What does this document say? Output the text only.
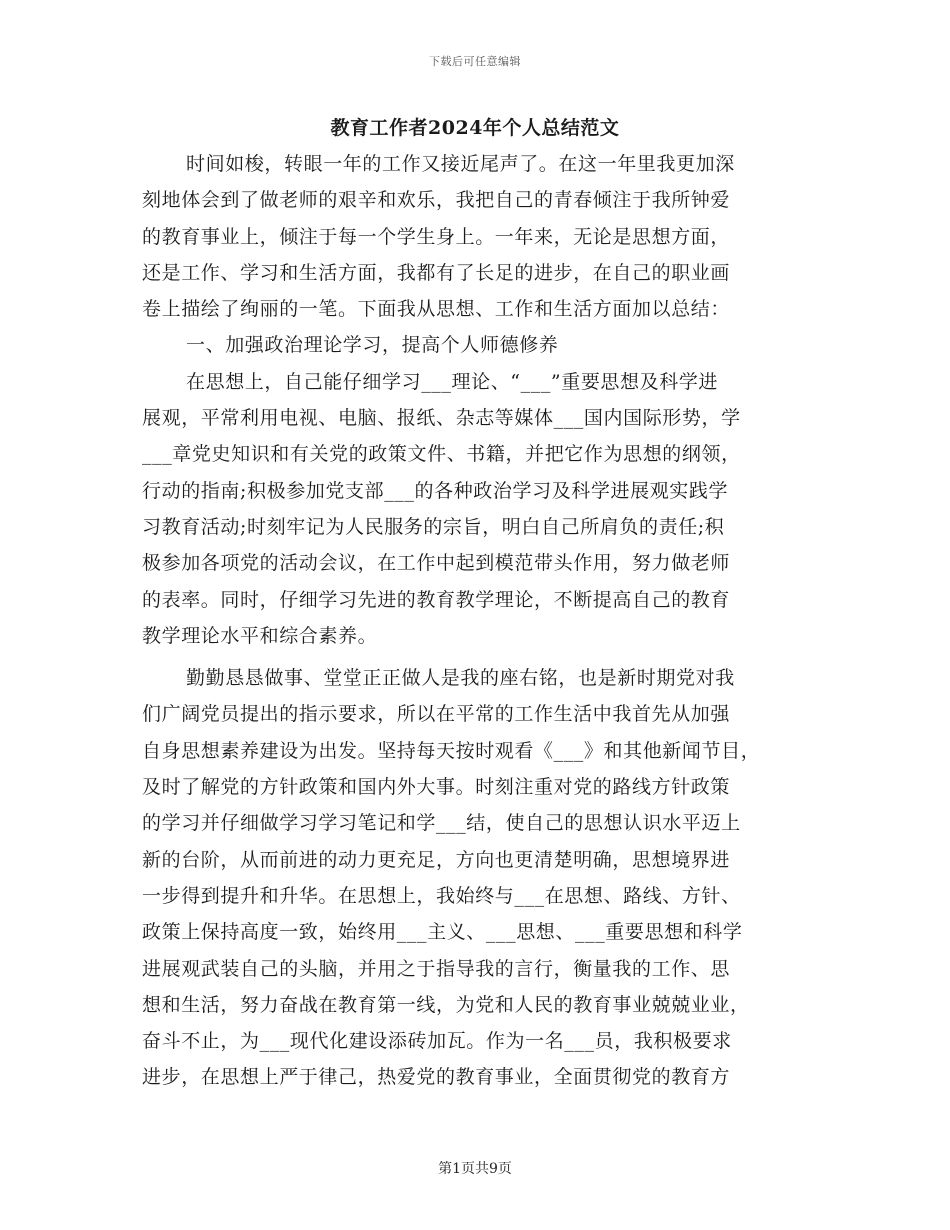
下载后可任意编辑
教育工作者2024年个人总结范文
时间如梭，转眼一年的工作又接近尾声了。在这一年里我更加深
刻地体会到了做老师的艰辛和欢乐，我把自己的青春倾注于我所钟爱
的教育事业上，倾注于每一个学生身上。一年来，无论是思想方面，
还是工作、学习和生活方面，我都有了长足的进步，在自己的职业画
卷上描绘了绚丽的一笔。下面我从思想、工作和生活方面加以总结：
一、加强政治理论学习，提高个人师德修养
在思想上，自己能仔细学习___理论、“___”重要思想及科学进
展观，平常利用电视、电脑、报纸、杂志等媒体___国内国际形势，学
___章党史知识和有关党的政策文件、书籍，并把它作为思想的纲领，
行动的指南;积极参加党支部___的各种政治学习及科学进展观实践学
习教育活动;时刻牢记为人民服务的宗旨，明白自己所肩负的责任;积
极参加各项党的活动会议，在工作中起到模范带头作用，努力做老师
的表率。同时，仔细学习先进的教育教学理论，不断提高自己的教育
教学理论水平和综合素养。
勤勤恳恳做事、堂堂正正做人是我的座右铭，也是新时期党对我
们广阔党员提出的指示要求，所以在平常的工作生活中我首先从加强
自身思想素养建设为出发。坚持每天按时观看《___》和其他新闻节目，
及时了解党的方针政策和国内外大事。时刻注重对党的路线方针政策
的学习并仔细做学习学习笔记和学___结，使自己的思想认识水平迈上
新的台阶，从而前进的动力更充足，方向也更清楚明确，思想境界进
一步得到提升和升华。在思想上，我始终与___在思想、路线、方针、
政策上保持高度一致，始终用___主义、___思想、___重要思想和科学
进展观武装自己的头脑，并用之于指导我的言行，衡量我的工作、思
想和生活，努力奋战在教育第一线，为党和人民的教育事业兢兢业业，
奋斗不止，为___现代化建设添砖加瓦。作为一名___员，我积极要求
进步，在思想上严于律己，热爱党的教育事业，全面贯彻党的教育方
第1页共9页
